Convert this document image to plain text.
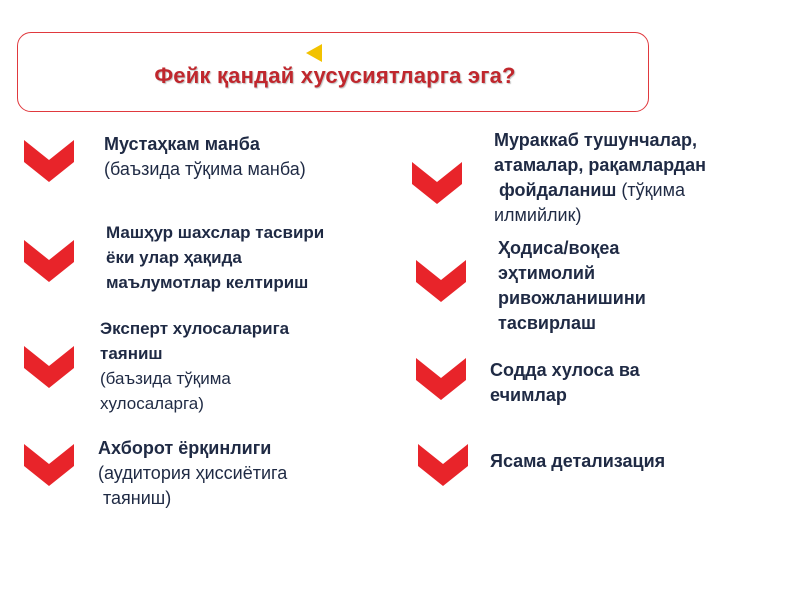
Фейк қандай хусусиятларга эга?
Мустаҳкам манба
(баъзида тўқима манба)
Машҳур шахслар тасвири
ёки улар ҳақида
маълумотлар келтириш
Эксперт хулосаларига
таяниш
(баъзида тўқима
хулосаларга)
Ахборот ёрқинлиги
(аудитория ҳиссиётига
таяниш)
Мураккаб тушунчалар,
атамалар, рақамлардан
фойдаланиш (тўқима
илмийлик)
Ҳодиса/воқеа
эҳтимолий
ривожланишини
тасвирлаш
Содда хулоса ва
ечимлар
Ясама детализация
